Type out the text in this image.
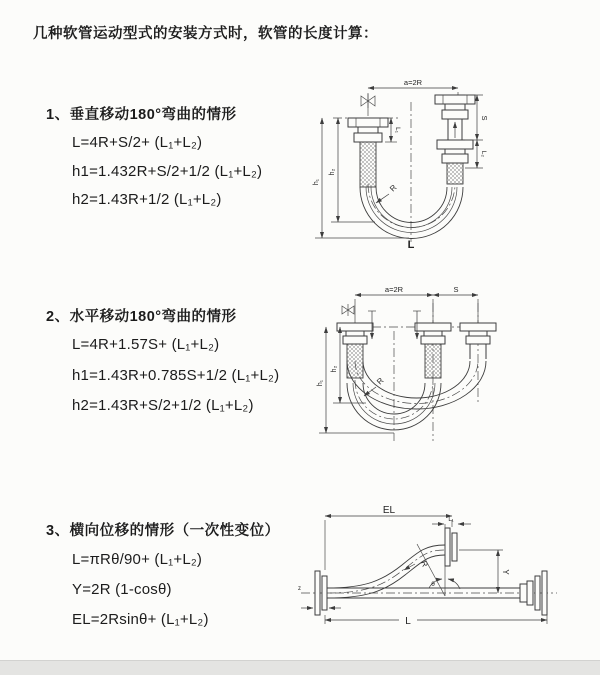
几种软管运动型式的安装方式时，软管的长度计算：
1、垂直移动180°弯曲的情形
L=4R+S/2+ (L₁+L₂)
h1=1.432R+S/2+1/2 (L₁+L₂)
h2=1.43R+1/2 (L₁+L₂)
2、水平移动180°弯曲的情形
L=4R+1.57S+ (L₁+L₂)
h1=1.43R+0.785S+1/2 (L₁+L₂)
h2=1.43R+S/2+1/2 (L₁+L₂)
3、横向位移的情形（一次性变位）
L=πRθ/90+ (L₁+L₂)
Y=2R (1-cosθ)
EL=2Rsinθ+ (L₁+L₂)
a=2R
R
h₁
h₂
L₁
S
L₂
L
a=2R	S
R
h₁
h₂
EL
L₁
Y
z
R
θ
L
